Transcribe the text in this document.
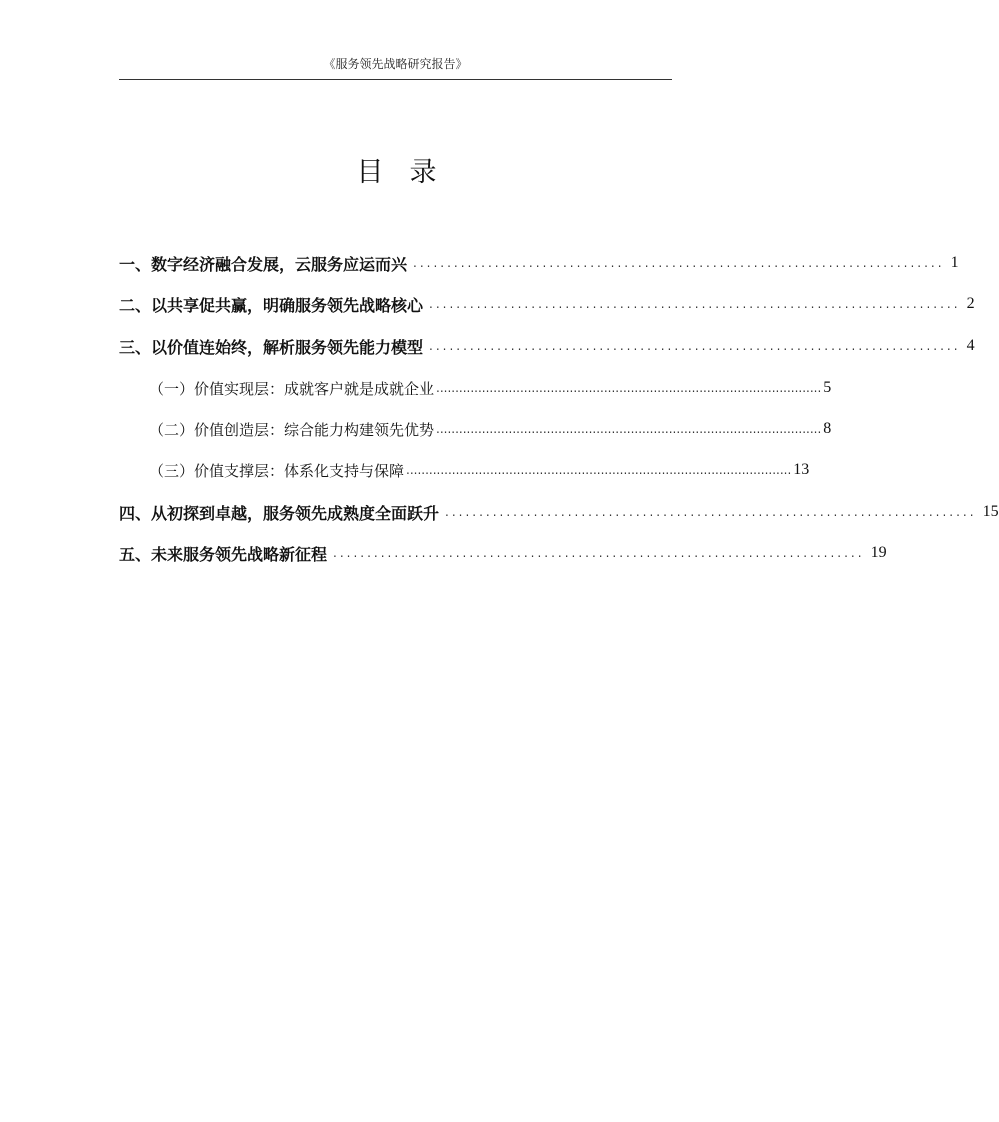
《服务领先战略研究报告》
目录
一、 数字经济融合发展，云服务应运而兴 .............................................................................. 1
二、 以共享促共赢，明确服务领先战略核心 .............................................................................. 2
三、 以价值连始终，解析服务领先能力模型 .............................................................................. 4
（一） 价值实现层：成就客户就是成就企业 ..................................................................................................... 5
（二） 价值创造层：综合能力构建领先优势 ..................................................................................................... 8
（三） 价值支撑层：体系化支持与保障 ..................................................................................................... 13
四、 从初探到卓越，服务领先成熟度全面跃升 .............................................................................. 15
五、 未来服务领先战略新征程 .............................................................................. 19
